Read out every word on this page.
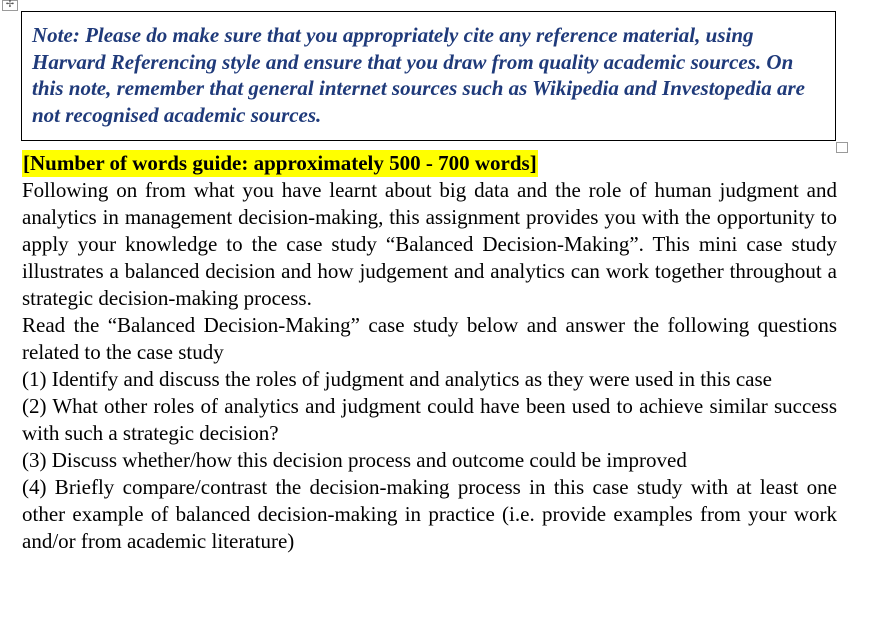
✢

Note: Please do make sure that you appropriately cite any reference material, using Harvard Referencing style and ensure that you draw from quality academic sources. On this note, remember that general internet sources such as Wikipedia and Investopedia are not recognised academic sources.

[Number of words guide: approximately 500 - 700 words]

Following on from what you have learnt about big data and the role of human judgment and analytics in management decision-making, this assignment provides you with the opportunity to apply your knowledge to the case study “Balanced Decision-Making”. This mini case study illustrates a balanced decision and how judgement and analytics can work together throughout a strategic decision-making process.

Read the “Balanced Decision-Making” case study below and answer the following questions related to the case study

(1) Identify and discuss the roles of judgment and analytics as they were used in this case

(2) What other roles of analytics and judgment could have been used to achieve similar success with such a strategic decision?

(3) Discuss whether/how this decision process and outcome could be improved

(4) Briefly compare/contrast the decision-making process in this case study with at least one other example of balanced decision-making in practice (i.e. provide examples from your work and/or from academic literature)
